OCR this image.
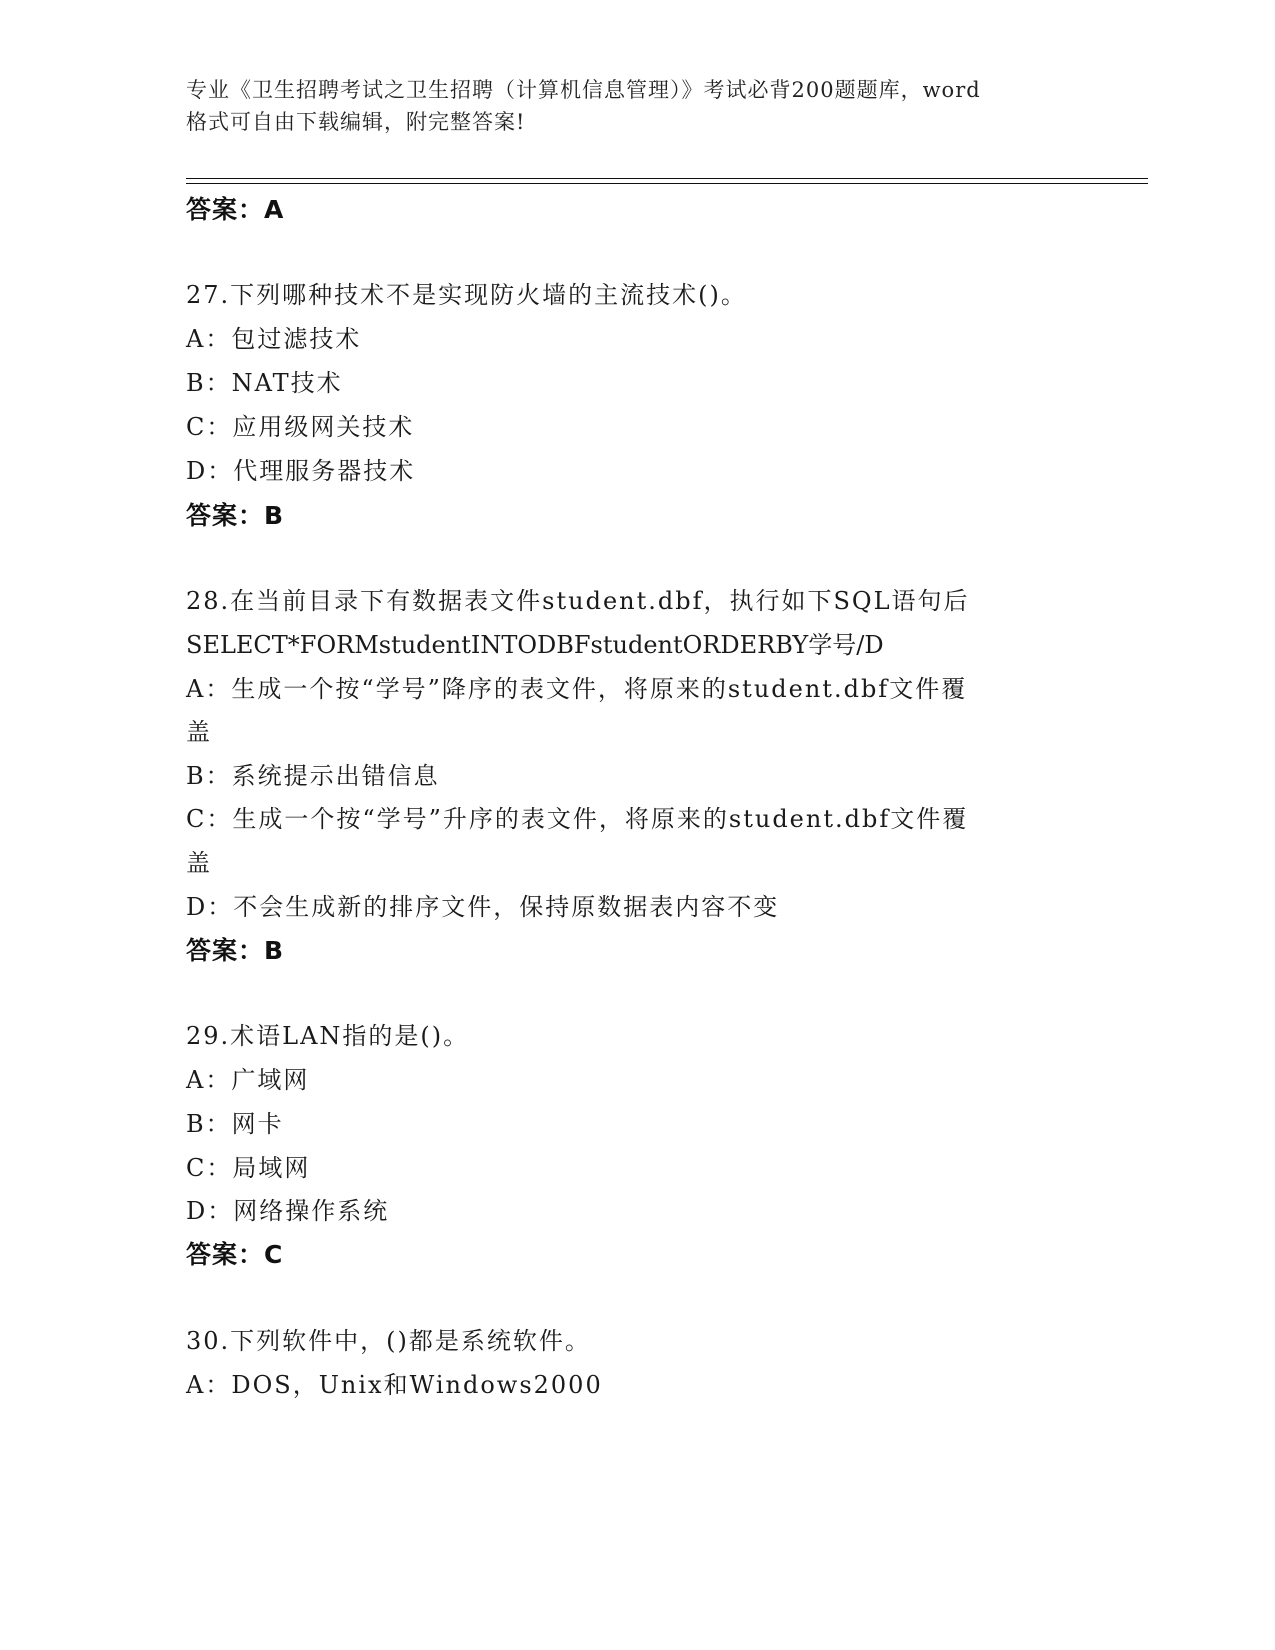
专业《卫生招聘考试之卫生招聘（计算机信息管理）》考试必背200题题库，word
格式可自由下载编辑，附完整答案!
答案：A
27.下列哪种技术不是实现防火墙的主流技术()。
A：包过滤技术
B：NAT技术
C：应用级网关技术
D：代理服务器技术
答案：B
28.在当前目录下有数据表文件student.dbf，执行如下SQL语句后
SELECT*FORMstudentINTODBFstudentORDERBY学号/D
A：生成一个按“学号”降序的表文件，将原来的student.dbf文件覆
盖
B：系统提示出错信息
C：生成一个按“学号”升序的表文件，将原来的student.dbf文件覆
盖
D：不会生成新的排序文件，保持原数据表内容不变
答案：B
29.术语LAN指的是()。
A：广域网
B：网卡
C：局域网
D：网络操作系统
答案：C
30.下列软件中，()都是系统软件。
A：DOS，Unix和Windows2000
